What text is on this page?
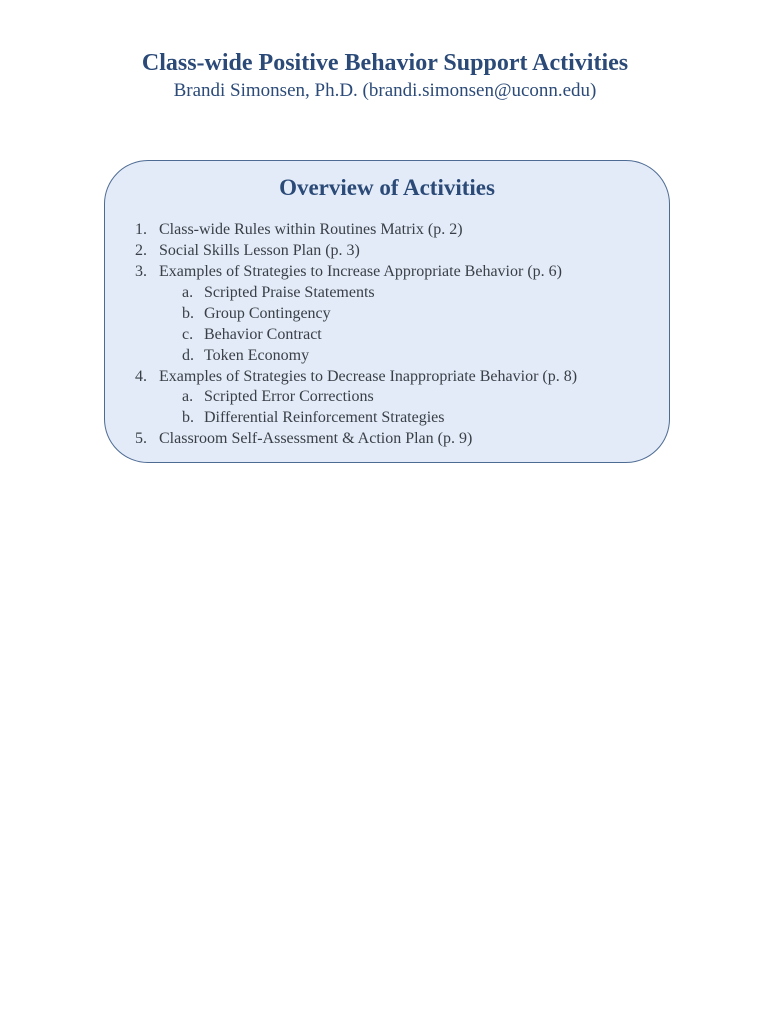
Class-wide Positive Behavior Support Activities
Brandi Simonsen, Ph.D. (brandi.simonsen@uconn.edu)
Overview of Activities
1. Class-wide Rules within Routines Matrix (p. 2)
2. Social Skills Lesson Plan (p. 3)
3. Examples of Strategies to Increase Appropriate Behavior (p. 6)
a. Scripted Praise Statements
b. Group Contingency
c. Behavior Contract
d. Token Economy
4. Examples of Strategies to Decrease Inappropriate Behavior (p. 8)
a. Scripted Error Corrections
b. Differential Reinforcement Strategies
5. Classroom Self-Assessment & Action Plan (p. 9)
